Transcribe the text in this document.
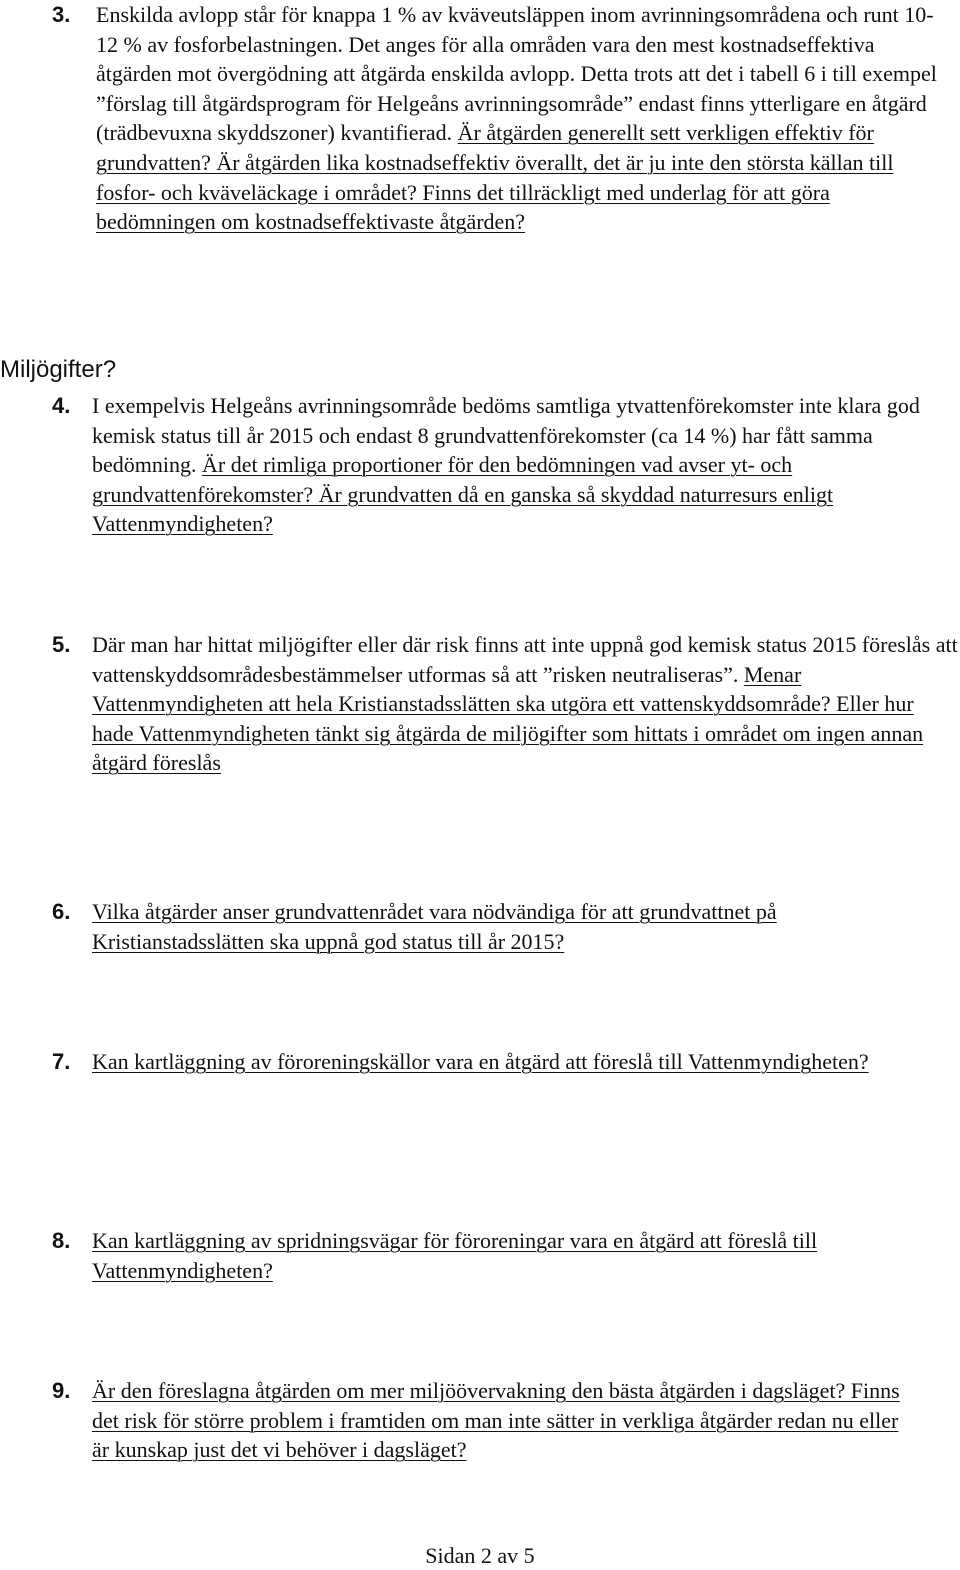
3. Enskilda avlopp står för knappa 1 % av kväveutsläppen inom avrinningsområdena och runt 10-12 % av fosforbelastningen. Det anges för alla områden vara den mest kostnadseffektiva åtgärden mot övergödning att åtgärda enskilda avlopp. Detta trots att det i tabell 6 i till exempel ”förslag till åtgärdsprogram för Helgeåns avrinningsområde” endast finns ytterligare en åtgärd (trädbevuxna skyddszoner) kvantifierad. Är åtgärden generellt sett verkligen effektiv för grundvatten? Är åtgärden lika kostnadseffektiv överallt, det är ju inte den största källan till fosfor- och kväveläckage i området? Finns det tillräckligt med underlag för att göra bedömningen om kostnadseffektivaste åtgärden?
Miljögifter?
4. I exempelvis Helgeåns avrinningsområde bedöms samtliga ytvattenförekomster inte klara god kemisk status till år 2015 och endast 8 grundvattenförekomster (ca 14 %) har fått samma bedömning. Är det rimliga proportioner för den bedömningen vad avser yt- och grundvattenförekomster? Är grundvatten då en ganska så skyddad naturresurs enligt Vattenmyndigheten?
5. Där man har hittat miljögifter eller där risk finns att inte uppnå god kemisk status 2015 föreslås att vattenskyddsområdesbestämmelser utformas så att ”risken neutraliseras”. Menar Vattenmyndigheten att hela Kristianstadsslätten ska utgöra ett vattenskyddsområde? Eller hur hade Vattenmyndigheten tänkt sig åtgärda de miljögifter som hittats i området om ingen annan åtgärd föreslås
6. Vilka åtgärder anser grundvattenrådet vara nödvändiga för att grundvattnet på Kristianstadsslätten ska uppnå god status till år 2015?
7. Kan kartläggning av föroreningskällor vara en åtgärd att föreslå till Vattenmyndigheten?
8. Kan kartläggning av spridningsvägar för föroreningar vara en åtgärd att föreslå till Vattenmyndigheten?
9. Är den föreslagna åtgärden om mer miljöövervakning den bästa åtgärden i dagsläget? Finns det risk för större problem i framtiden om man inte sätter in verkliga åtgärder redan nu eller är kunskap just det vi behöver i dagsläget?
Sidan 2 av 5
